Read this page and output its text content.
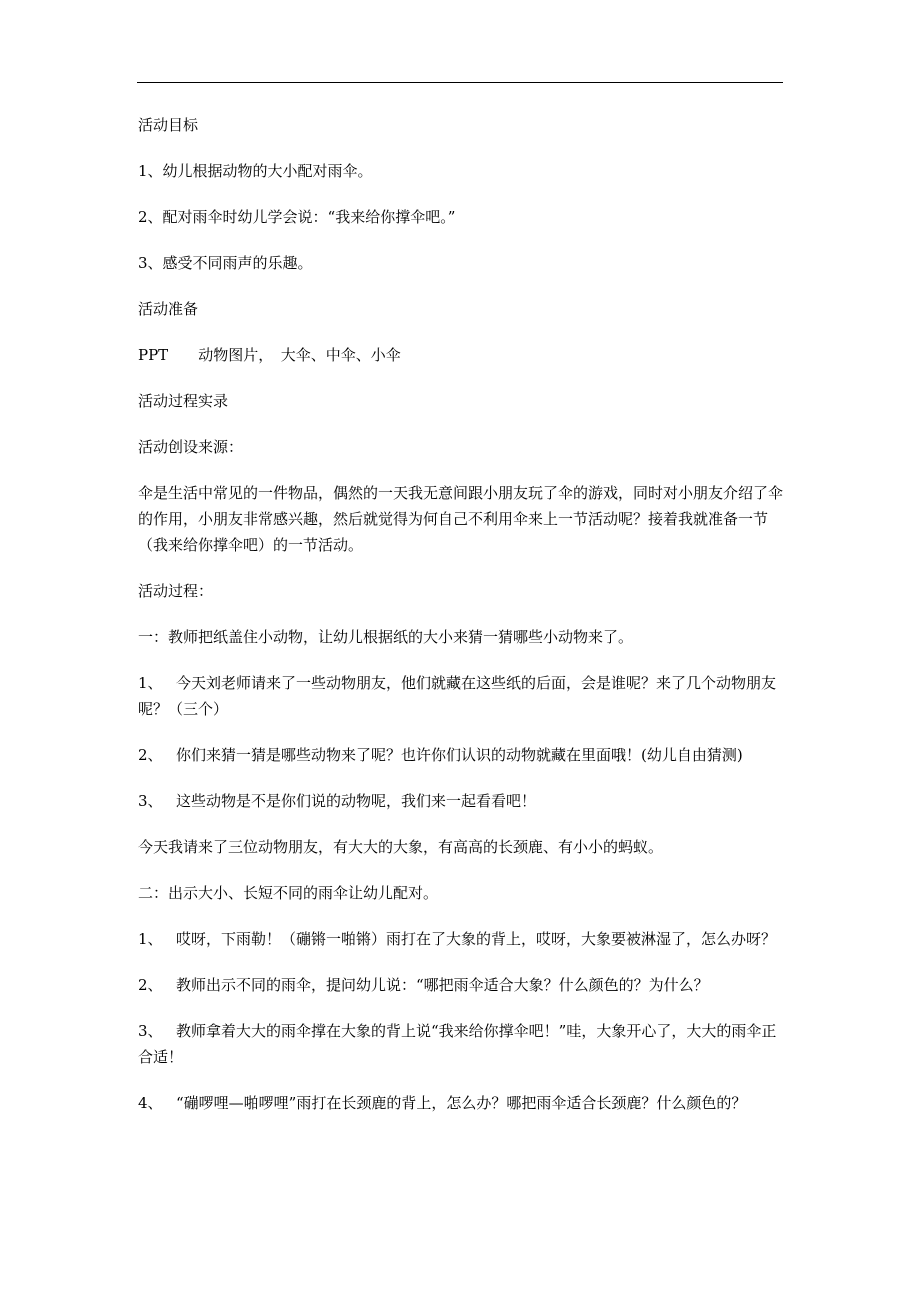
活动目标

1、幼儿根据动物的大小配对雨伞。

2、配对雨伞时幼儿学会说：“我来给你撑伞吧。”

3、感受不同雨声的乐趣。

活动准备

PPT　　动物图片，　大伞、中伞、小伞

活动过程实录

活动创设来源：

伞是生活中常见的一件物品，偶然的一天我无意间跟小朋友玩了伞的游戏，同时对小朋友介绍了伞的作用，小朋友非常感兴趣，然后就觉得为何自己不利用伞来上一节活动呢？接着我就准备一节（我来给你撑伞吧）的一节活动。

活动过程：

一：教师把纸盖住小动物，让幼儿根据纸的大小来猜一猜哪些小动物来了。

1、 今天刘老师请来了一些动物朋友，他们就藏在这些纸的后面，会是谁呢？来了几个动物朋友呢？（三个）

2、 你们来猜一猜是哪些动物来了呢？也许你们认识的动物就藏在里面哦！(幼儿自由猜测)

3、 这些动物是不是你们说的动物呢，我们来一起看看吧！

今天我请来了三位动物朋友，有大大的大象，有高高的长颈鹿、有小小的蚂蚁。

二：出示大小、长短不同的雨伞让幼儿配对。

1、 哎呀，下雨勒！（磞锵一啪锵）雨打在了大象的背上，哎呀，大象要被淋湿了，怎么办呀？

2、 教师出示不同的雨伞，提问幼儿说：“哪把雨伞适合大象？什么颜色的？为什么？

3、 教师拿着大大的雨伞撑在大象的背上说“我来给你撑伞吧！”哇，大象开心了，大大的雨伞正合适！

4、 “磞啰哩—啪啰哩”雨打在长颈鹿的背上，怎么办？哪把雨伞适合长颈鹿？什么颜色的？
